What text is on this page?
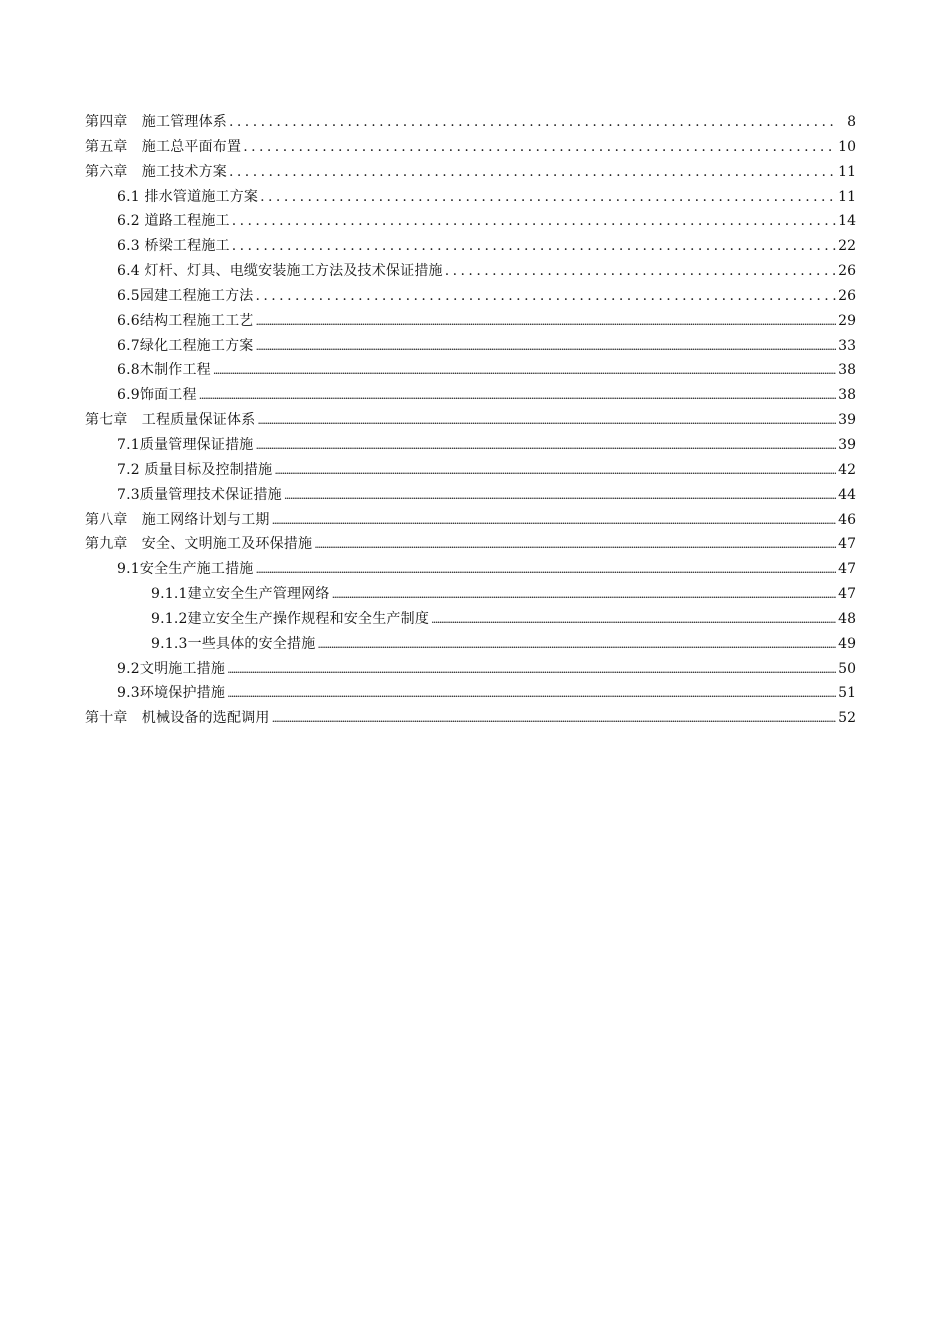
第四章　施工管理体系 . . .	8
第五章　施工总平面布置 . . .	10
第六章　施工技术方案 . . .	11
6.1 排水管道施工方案 . . .	11
6.2 道路工程施工 . . .	14
6.3 桥梁工程施工 . . .	22
6.4 灯杆、灯具、电缆安装施工方法及技术保证措施 . . .	26
6.5园建工程施工方法 . . .	26
6.6结构工程施工工艺 .....	29
6.7绿化工程施工方案 .....	33
6.8木制作工程 .....	38
6.9饰面工程 .....	38
第七章　工程质量保证体系 .....	39
7.1质量管理保证措施 .....	39
7.2 质量目标及控制措施 .....	42
7.3质量管理技术保证措施 .....	44
第八章　施工网络计划与工期 .....	46
第九章　安全、文明施工及环保措施 .....	47
9.1安全生产施工措施 .....	47
9.1.1建立安全生产管理网络 .....	47
9.1.2建立安全生产操作规程和安全生产制度 .....	48
9.1.3一些具体的安全措施 .....	49
9.2文明施工措施 .....	50
9.3环境保护措施 .....	51
第十章　机械设备的选配调用 .....	52
